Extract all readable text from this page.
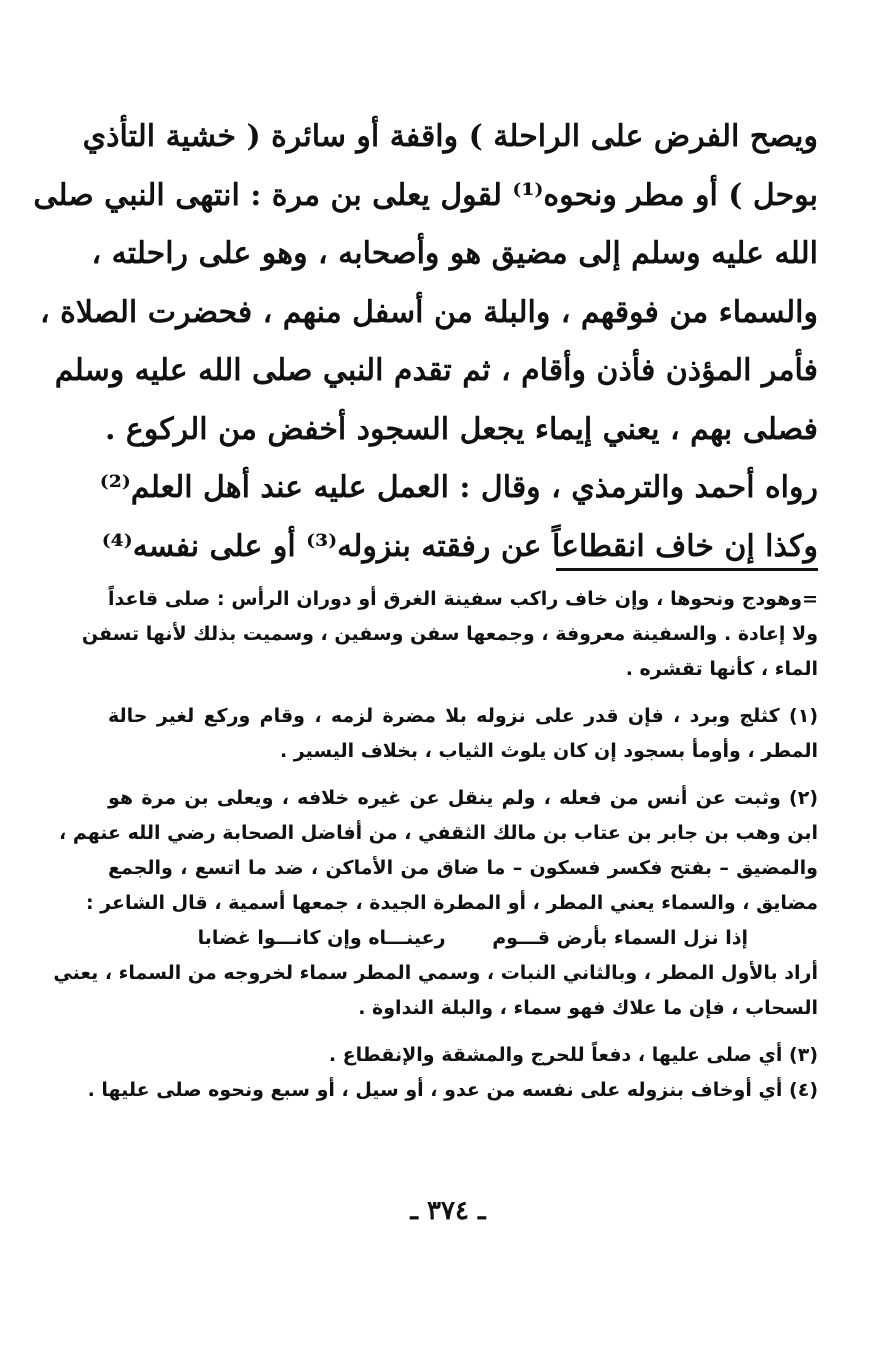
ويصح الفرض على الراحلة ) واقفة أو سائرة ( خشية التأذي
بوحل ) أو مطر ونحوه⁽¹⁾ لقول يعلى بن مرة : انتهى النبي صلى
الله عليه وسلم إلى مضيق هو وأصحابه ، وهو على راحلته ،
والسماء من فوقهم ، والبلة من أسفل منهم ، فحضرت الصلاة ،
فأمر المؤذن فأذن وأقام ، ثم تقدم النبي صلى الله عليه وسلم
فصلى بهم ، يعني إيماء يجعل السجود أخفض من الركوع .
رواه أحمد والترمذي ، وقال : العمل عليه عند أهل العلم⁽²⁾
وكذا إن خاف انقطاعاً عن رفقته بنزوله⁽³⁾ أو على نفسه⁽⁴⁾
=وهودج ونحوها ، وإن خاف راكب سفينة الغرق أو دوران الرأس : صلى قاعداً
ولا إعادة . والسفينة معروفة ، وجمعها سفن وسفين ، وسميت بذلك لأنها تسفن
الماء ، كأنها تقشره .
(١) كثلج وبرد ، فإن قدر على نزوله بلا مضرة لزمه ، وقام وركع لغير حالة
المطر ، وأومأ بسجود إن كان يلوث الثياب ، بخلاف اليسير .
(٢) وثبت عن أنس من فعله ، ولم ينقل عن غيره خلافه ، ويعلى بن مرة هو
ابن وهب بن جابر بن عتاب بن مالك الثقفي ، من أفاضل الصحابة رضي الله عنهم ،
والمضيق – بفتح فكسر فسكون – ما ضاق من الأماكن ، ضد ما اتسع ، والجمع
مضايق ، والسماء يعني المطر ، أو المطرة الجيدة ، جمعها أسمية ، قال الشاعر :
إذا نزل السماء بأرض قـــوم رعينـــاه وإن كانـــوا غضابا
أراد بالأول المطر ، وبالثاني النبات ، وسمي المطر سماء لخروجه من السماء ، يعني
السحاب ، فإن ما علاك فهو سماء ، والبلة النداوة .
(٣) أي صلى عليها ، دفعاً للحرج والمشقة والإنقطاع .
(٤) أي أوخاف بنزوله على نفسه من عدو ، أو سيل ، أو سبع ونحوه صلى عليها .
ـ ٣٧٤ ـ
